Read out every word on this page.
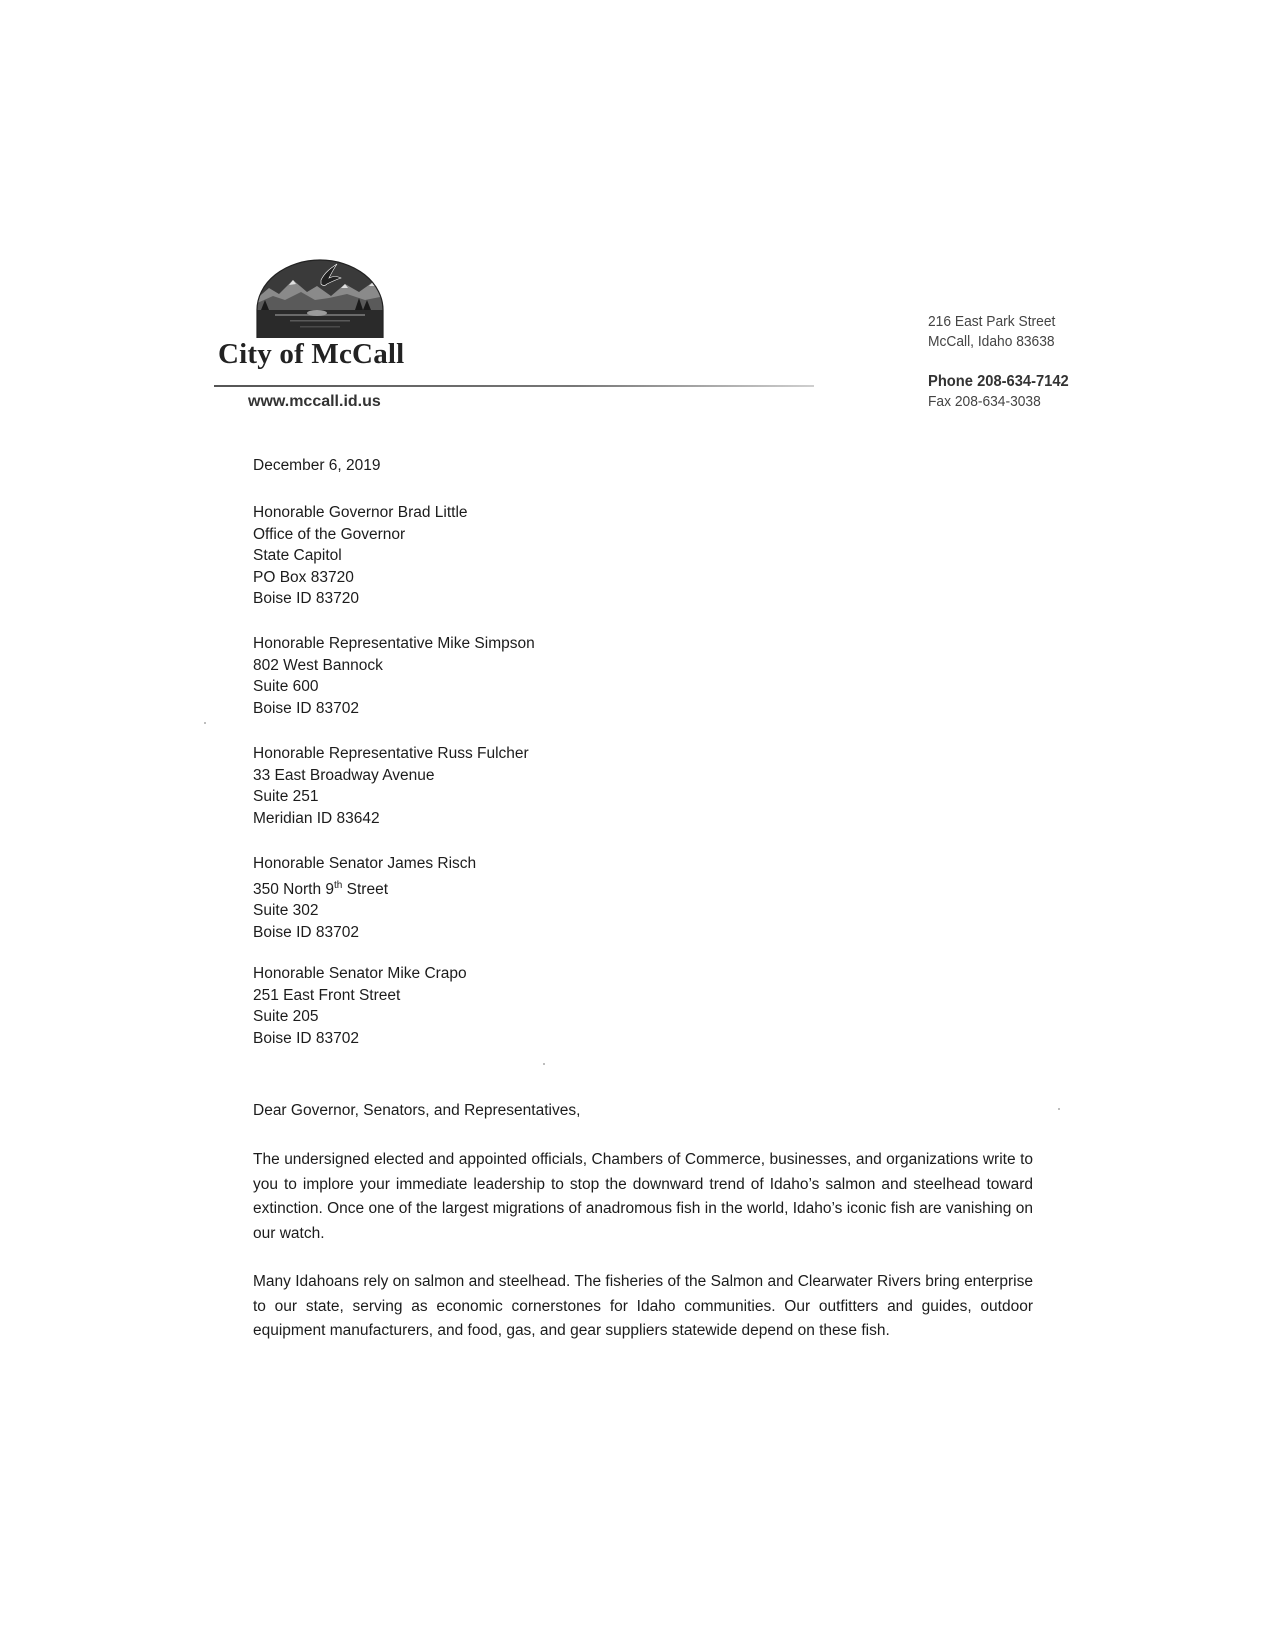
City of McCall
www.mccall.id.us
216 East Park Street
McCall, Idaho 83638
Phone 208-634-7142
Fax 208-634-3038
December 6, 2019
Honorable Governor Brad Little
Office of the Governor
State Capitol
PO Box 83720
Boise ID 83720
Honorable Representative Mike Simpson
802 West Bannock
Suite 600
Boise ID 83702
Honorable Representative Russ Fulcher
33 East Broadway Avenue
Suite 251
Meridian ID 83642
Honorable Senator James Risch
350 North 9th Street
Suite 302
Boise ID 83702
Honorable Senator Mike Crapo
251 East Front Street
Suite 205
Boise ID 83702
Dear Governor, Senators, and Representatives,
The undersigned elected and appointed officials, Chambers of Commerce, businesses, and organizations write to you to implore your immediate leadership to stop the downward trend of Idaho’s salmon and steelhead toward extinction. Once one of the largest migrations of anadromous fish in the world, Idaho’s iconic fish are vanishing on our watch.
Many Idahoans rely on salmon and steelhead. The fisheries of the Salmon and Clearwater Rivers bring enterprise to our state, serving as economic cornerstones for Idaho communities. Our outfitters and guides, outdoor equipment manufacturers, and food, gas, and gear suppliers statewide depend on these fish.
